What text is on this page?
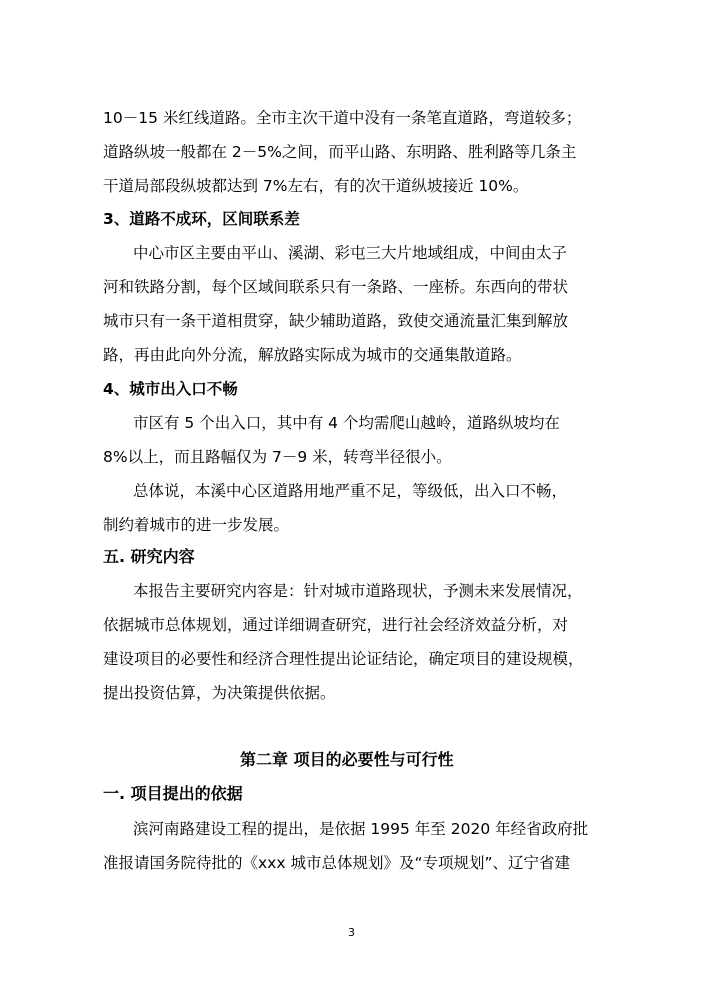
10－15 米红线道路。全市主次干道中没有一条笔直道路，弯道较多；
道路纵坡一般都在 2－5%之间，而平山路、东明路、胜利路等几条主
干道局部段纵坡都达到 7%左右，有的次干道纵坡接近 10%。
3、道路不成环，区间联系差
中心市区主要由平山、溪湖、彩屯三大片地域组成，中间由太子
河和铁路分割，每个区域间联系只有一条路、一座桥。东西向的带状
城市只有一条干道相贯穿，缺少辅助道路，致使交通流量汇集到解放
路，再由此向外分流，解放路实际成为城市的交通集散道路。
4、城市出入口不畅
市区有 5 个出入口，其中有 4 个均需爬山越岭，道路纵坡均在
8%以上，而且路幅仅为 7－9 米，转弯半径很小。
总体说，本溪中心区道路用地严重不足，等级低，出入口不畅，
制约着城市的进一步发展。
五. 研究内容
本报告主要研究内容是：针对城市道路现状，予测未来发展情况，
依据城市总体规划，通过详细调查研究，进行社会经济效益分析，对
建设项目的必要性和经济合理性提出论证结论，确定项目的建设规模，
提出投资估算，为决策提供依据。
第二章 项目的必要性与可行性
一. 项目提出的依据
滨河南路建设工程的提出，是依据 1995 年至 2020 年经省政府批
准报请国务院待批的《xxx 城市总体规划》及“专项规划”、辽宁省建
3
